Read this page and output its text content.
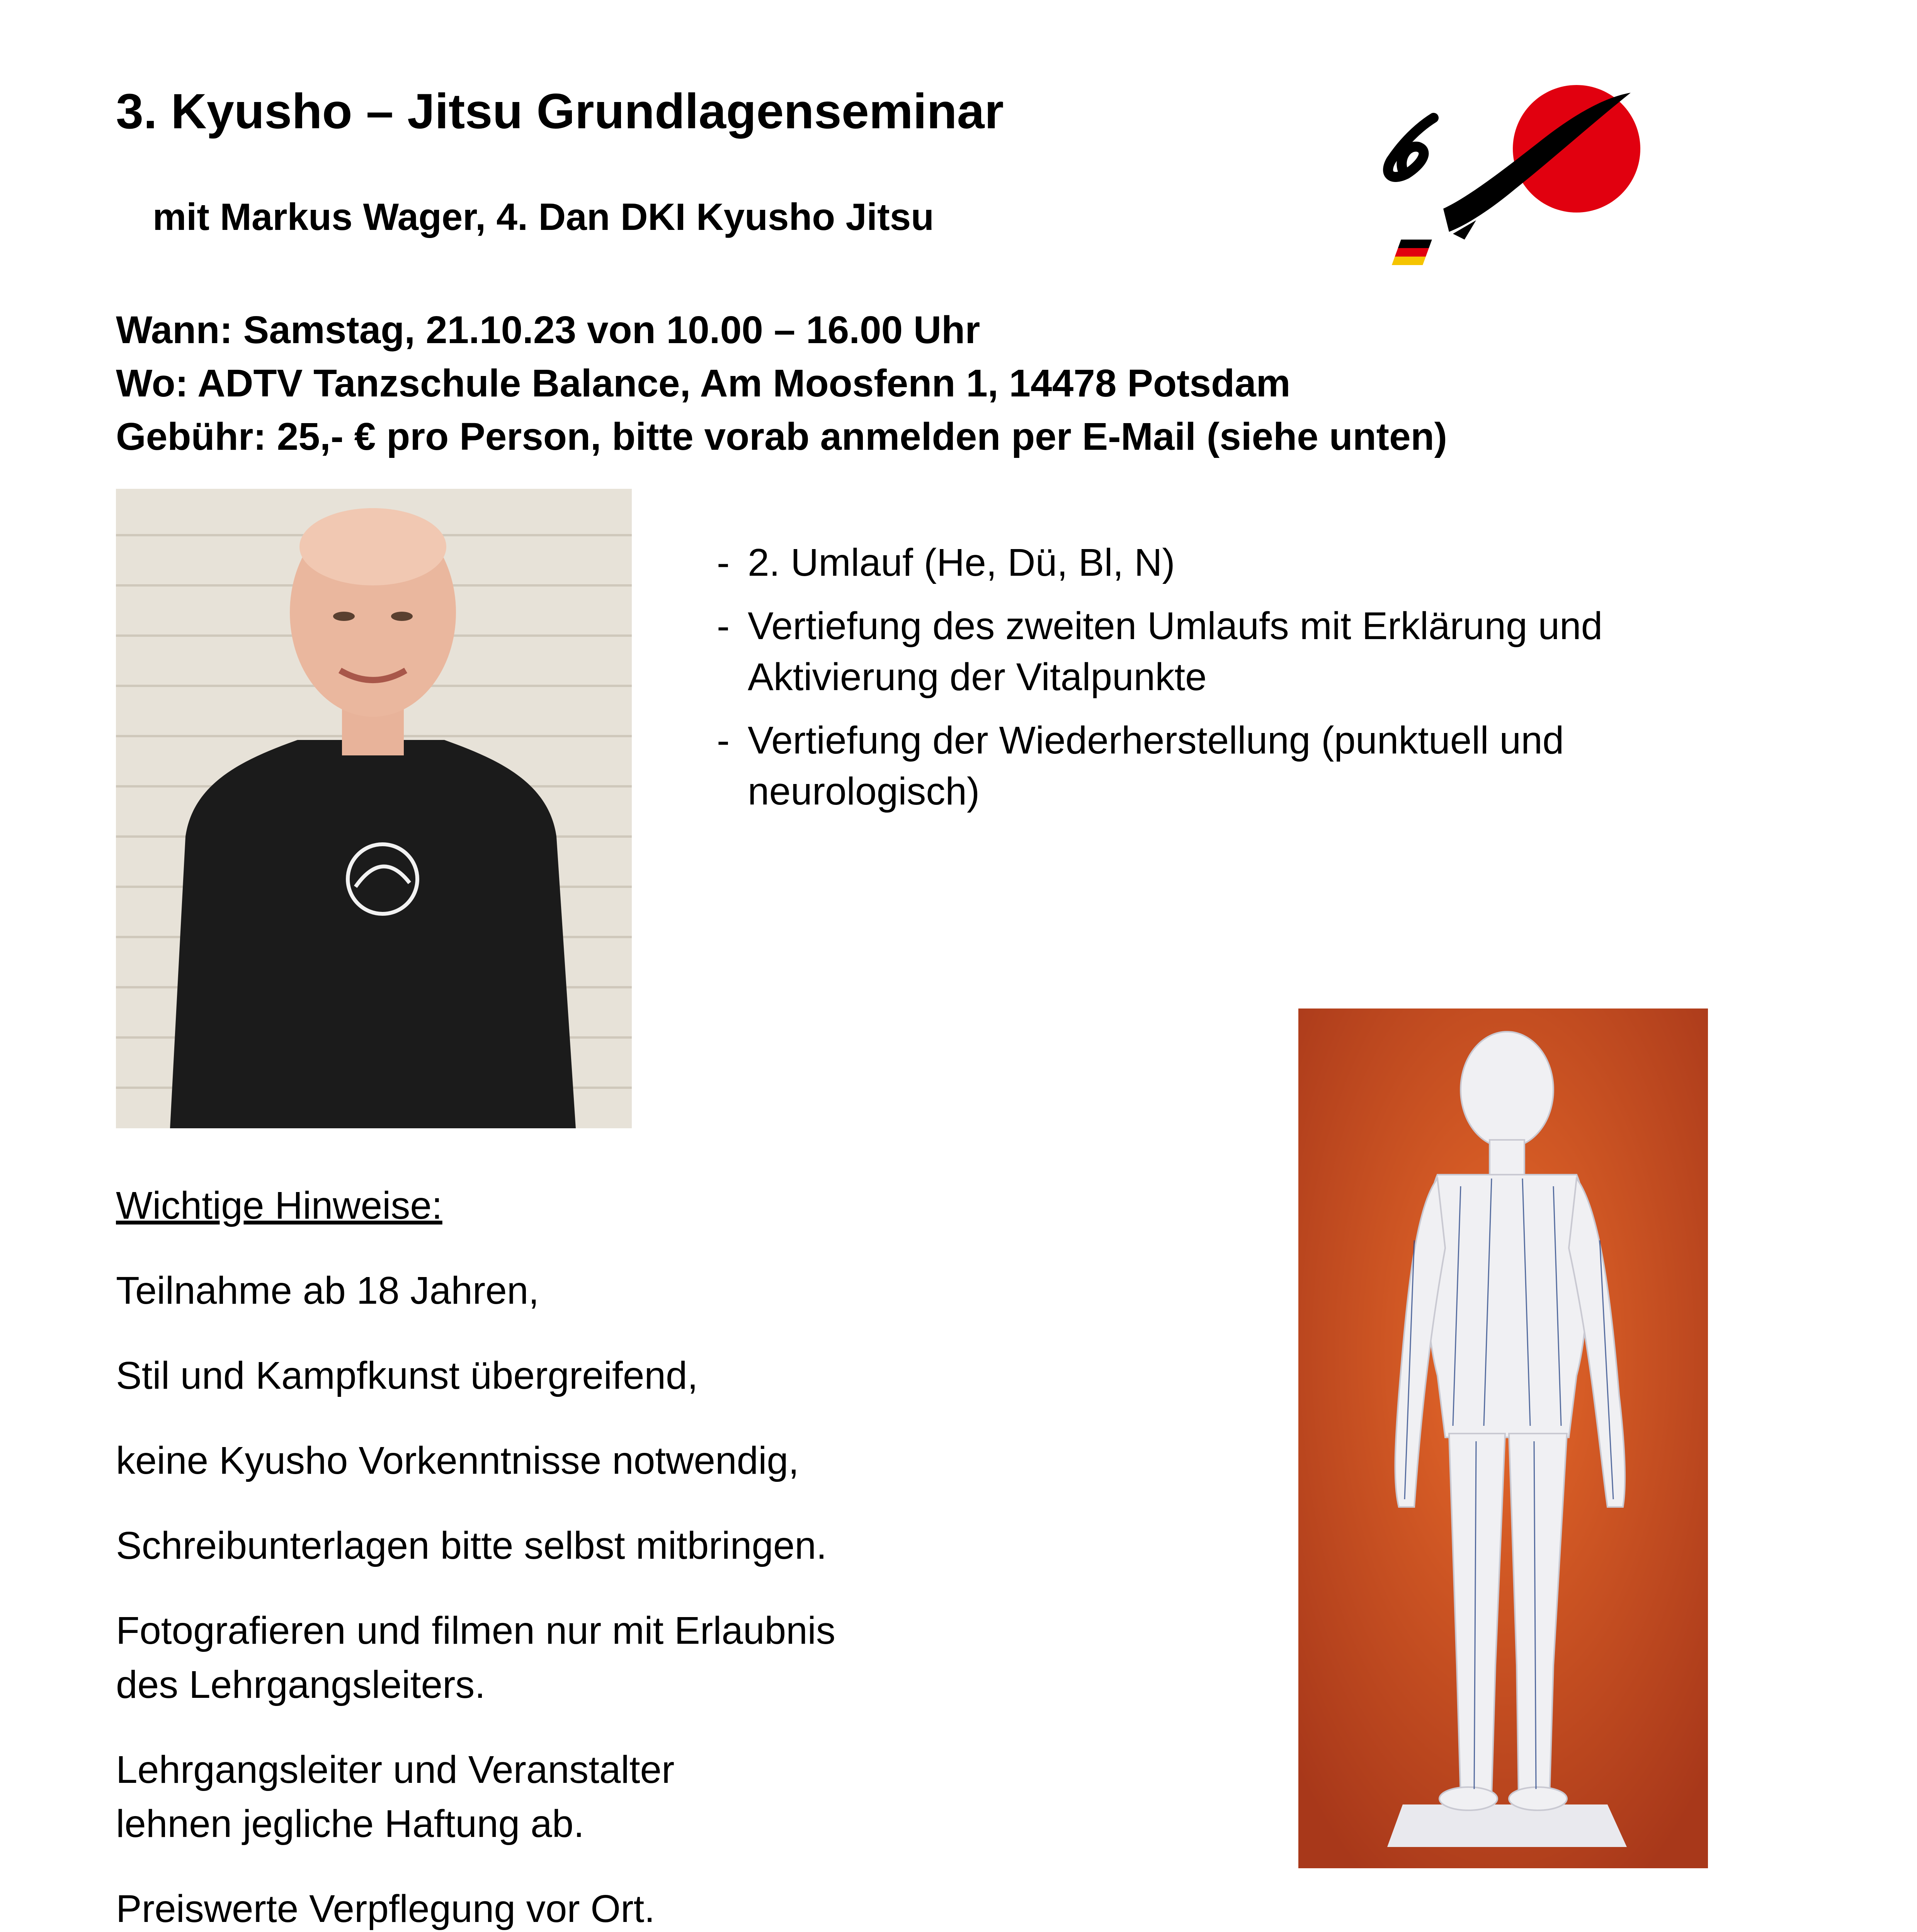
3. Kyusho – Jitsu Grundlagenseminar
mit Markus Wager, 4. Dan DKI Kyusho Jitsu
Wann: Samstag, 21.10.23 von 10.00 – 16.00 Uhr
Wo: ADTV Tanzschule Balance, Am Moosfenn 1, 14478 Potsdam
Gebühr: 25,- € pro Person, bitte vorab anmelden per E-Mail (siehe unten)
- 2. Umlauf (He, Dü, Bl, N)
- Vertiefung des zweiten Umlaufs mit Erklärung und Aktivierung der Vitalpunkte
- Vertiefung der Wiederherstellung (punktuell und neurologisch)
Wichtige Hinweise:
Teilnahme ab 18 Jahren,
Stil und Kampfkunst übergreifend,
keine Kyusho Vorkenntnisse notwendig,
Schreibunterlagen bitte selbst mitbringen.
Fotografieren und filmen nur mit Erlaubnis
des Lehrgangsleiters.
Lehrgangsleiter und Veranstalter
lehnen jegliche Haftung ab.
Preiswerte Verpflegung vor Ort.
